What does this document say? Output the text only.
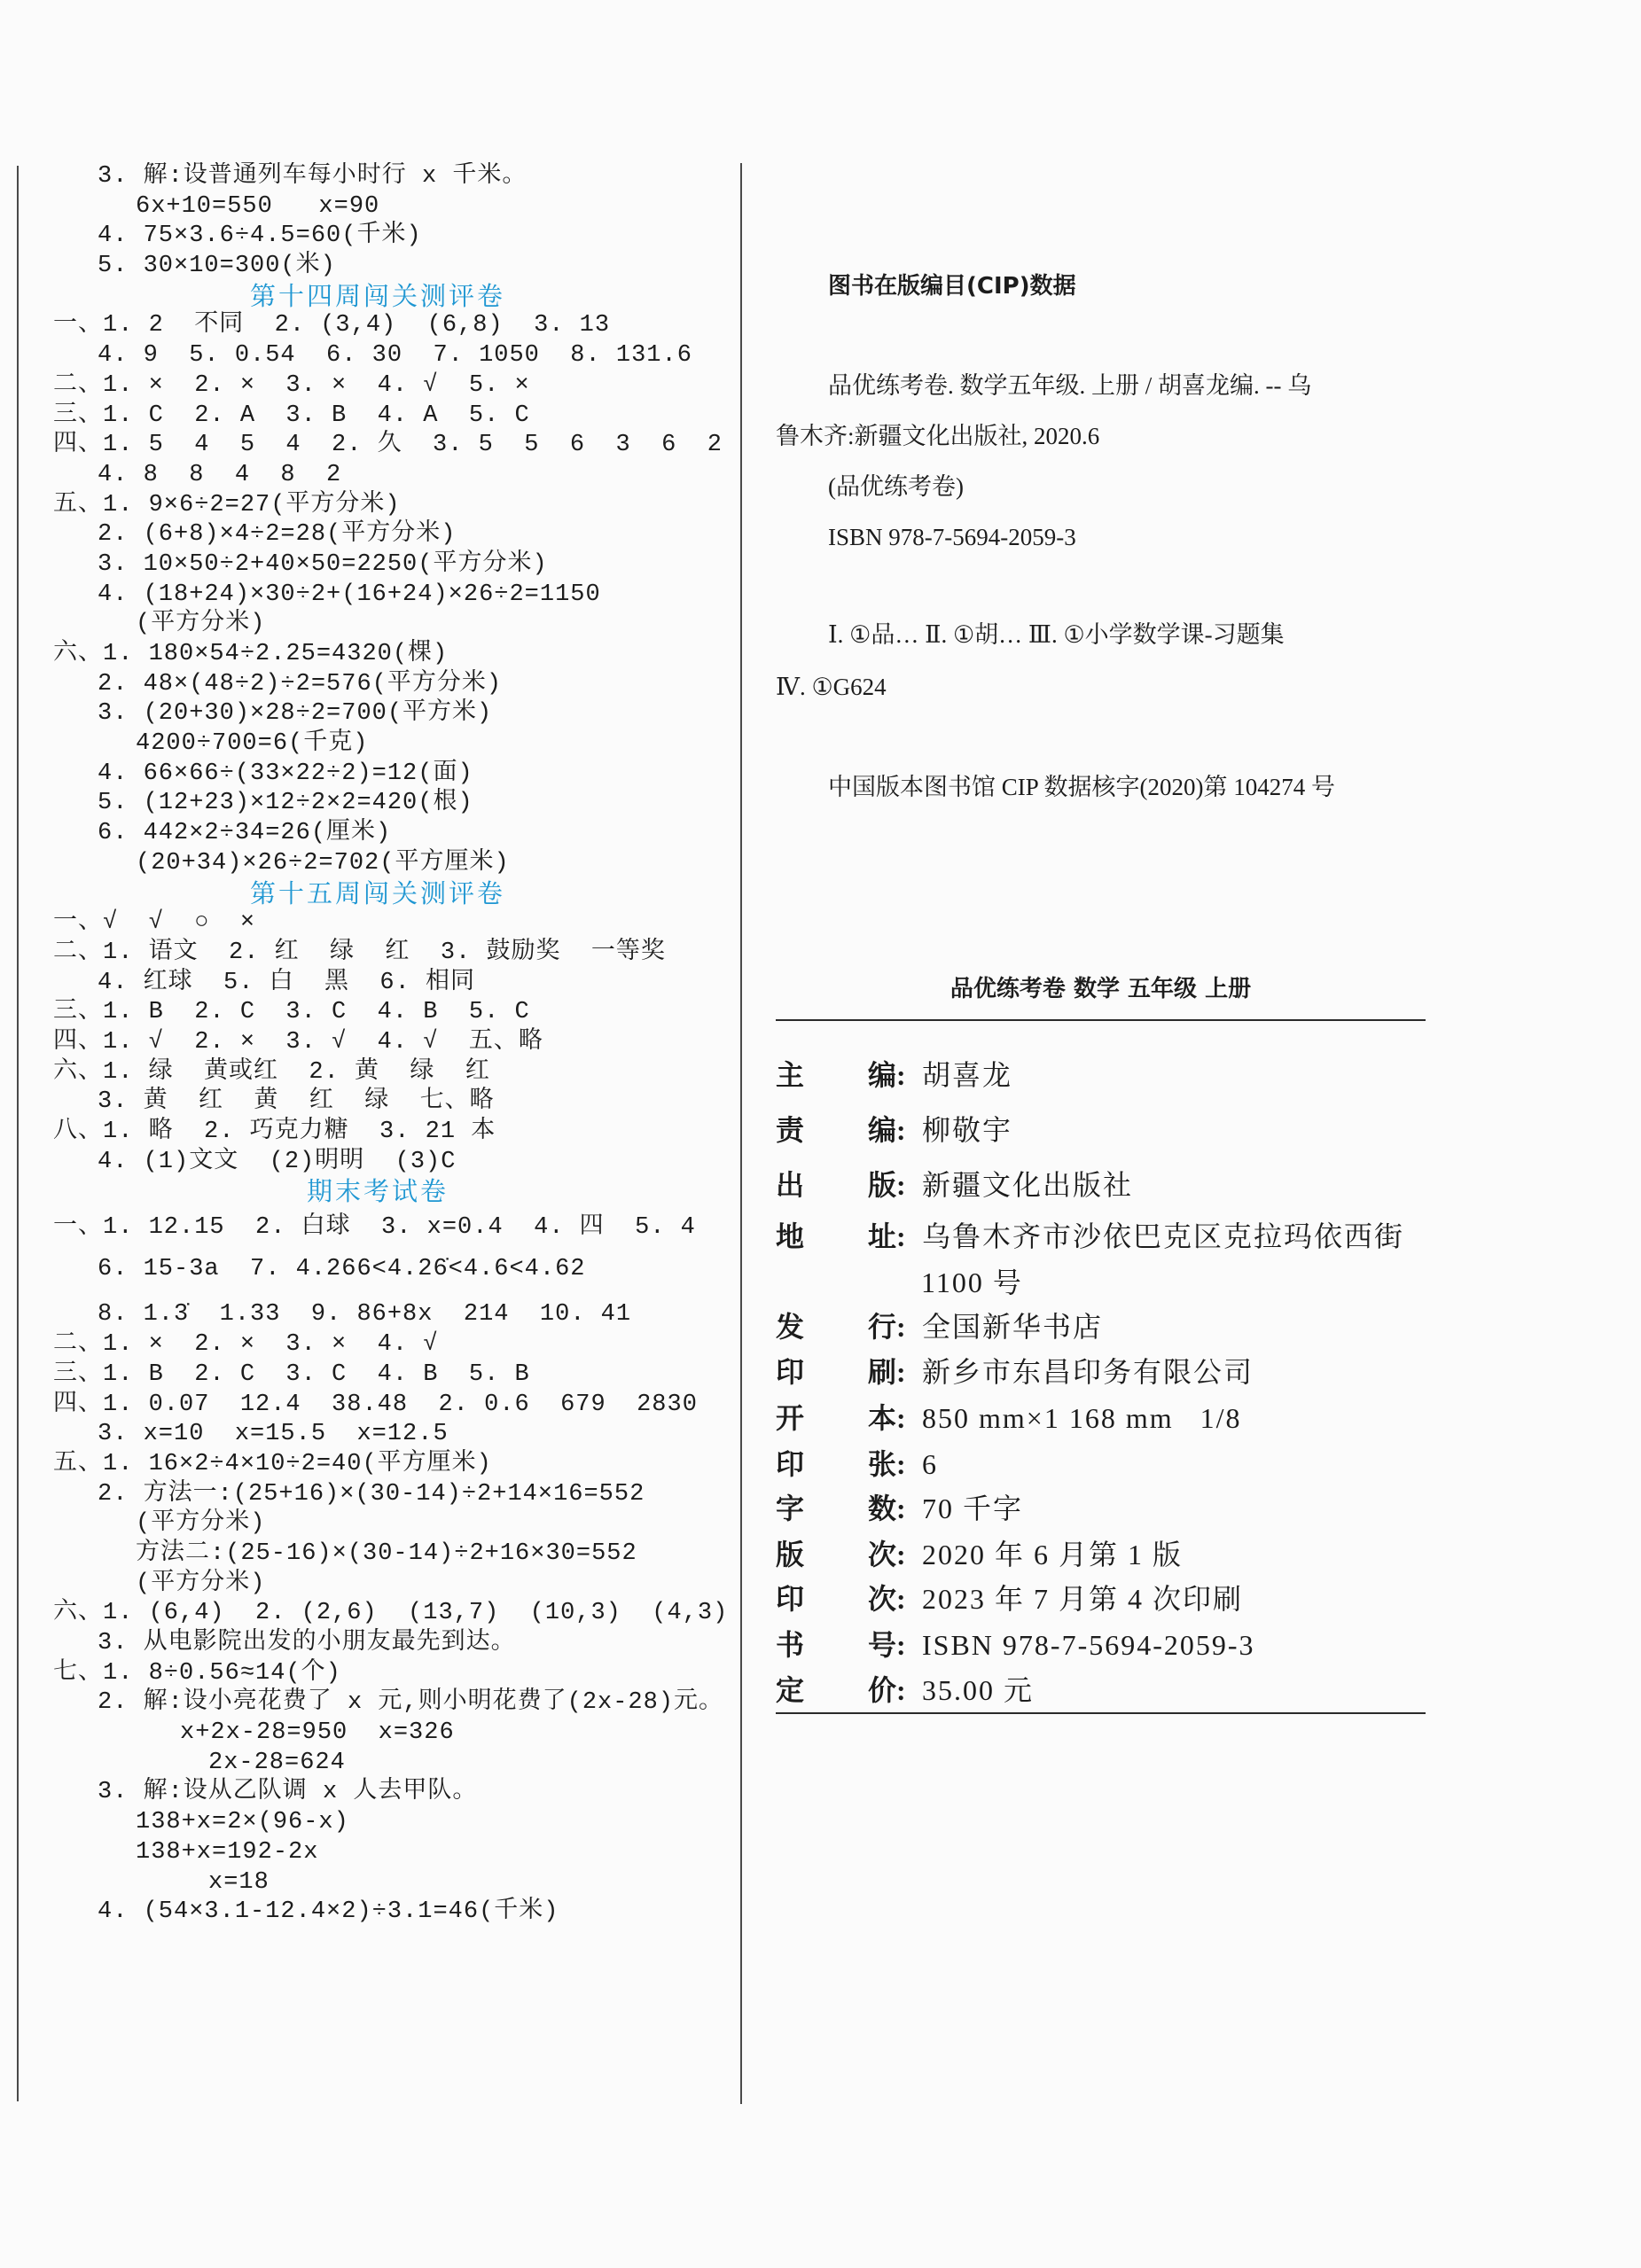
3. 解:设普通列车每小时行 x 千米。
6x+10=550   x=90
4. 75×3.6÷4.5=60(千米)
5. 30×10=300(米)
第十四周闯关测评卷
一、1. 2  不同  2. (3,4)  (6,8)  3. 13
4. 9  5. 0.54  6. 30  7. 1050  8. 131.6
二、1. ×  2. ×  3. ×  4. √  5. ×
三、1. C  2. A  3. B  4. A  5. C
四、1. 5  4  5  4  2. 久  3. 5  5  6  3  6  2
4. 8  8  4  8  2
五、1. 9×6÷2=27(平方分米)
2. (6+8)×4÷2=28(平方分米)
3. 10×50÷2+40×50=2250(平方分米)
4. (18+24)×30÷2+(16+24)×26÷2=1150
(平方分米)
六、1. 180×54÷2.25=4320(棵)
2. 48×(48÷2)÷2=576(平方分米)
3. (20+30)×28÷2=700(平方米)
4200÷700=6(千克)
4. 66×66÷(33×22÷2)=12(面)
5. (12+23)×12÷2×2=420(根)
6. 442×2÷34=26(厘米)
(20+34)×26÷2=702(平方厘米)
第十五周闯关测评卷
一、√  √  ○  ×
二、1. 语文  2. 红  绿  红  3. 鼓励奖  一等奖
4. 红球  5. 白  黑  6. 相同
三、1. B  2. C  3. C  4. B  5. C
四、1. √  2. ×  3. √  4. √  五、略
六、1. 绿  黄或红  2. 黄  绿  红
3. 黄  红  黄  红  绿  七、略
八、1. 略  2. 巧克力糖  3. 21 本
4. (1)文文  (2)明明  (3)C
期末考试卷
一、1. 12.15  2. 白球  3. x=0.4  4. 四  5. 4
6. 15-3a  7. 4.266<4.26̇<4.6<4.62
8. 1.3̇  1.33  9. 86+8x  214  10. 41
二、1. ×  2. ×  3. ×  4. √
三、1. B  2. C  3. C  4. B  5. B
四、1. 0.07  12.4  38.48  2. 0.6  679  2830
3. x=10  x=15.5  x=12.5
五、1. 16×2÷4×10÷2=40(平方厘米)
2. 方法一:(25+16)×(30-14)÷2+14×16=552
(平方分米)
方法二:(25-16)×(30-14)÷2+16×30=552
(平方分米)
六、1. (6,4)  2. (2,6)  (13,7)  (10,3)  (4,3)
3. 从电影院出发的小朋友最先到达。
七、1. 8÷0.56≈14(个)
2. 解:设小亮花费了 x 元,则小明花费了(2x-28)元。
x+2x-28=950  x=326
2x-28=624
3. 解:设从乙队调 x 人去甲队。
138+x=2×(96-x)
138+x=192-2x
x=18
4. (54×3.1-12.4×2)÷3.1=46(千米)
图书在版编目(CIP)数据
品优练考卷. 数学五年级. 上册 / 胡喜龙编. -- 乌
鲁木齐:新疆文化出版社, 2020.6
(品优练考卷)
ISBN 978-7-5694-2059-3
Ⅰ. ①品… Ⅱ. ①胡… Ⅲ. ①小学数学课-习题集
Ⅳ. ①G624
中国版本图书馆 CIP 数据核字(2020)第 104274 号
品优练考卷 数学 五年级 上册
主 编: 胡喜龙
责 编: 柳敬宇
出 版: 新疆文化出版社
地 址: 乌鲁木齐市沙依巴克区克拉玛依西街
1100 号
发 行: 全国新华书店
印 刷: 新乡市东昌印务有限公司
开 本: 850 mm×1 168 mm   1/8
印 张: 6
字 数: 70 千字
版 次: 2020 年 6 月第 1 版
印 次: 2023 年 7 月第 4 次印刷
书 号: ISBN 978-7-5694-2059-3
定 价: 35.00 元
